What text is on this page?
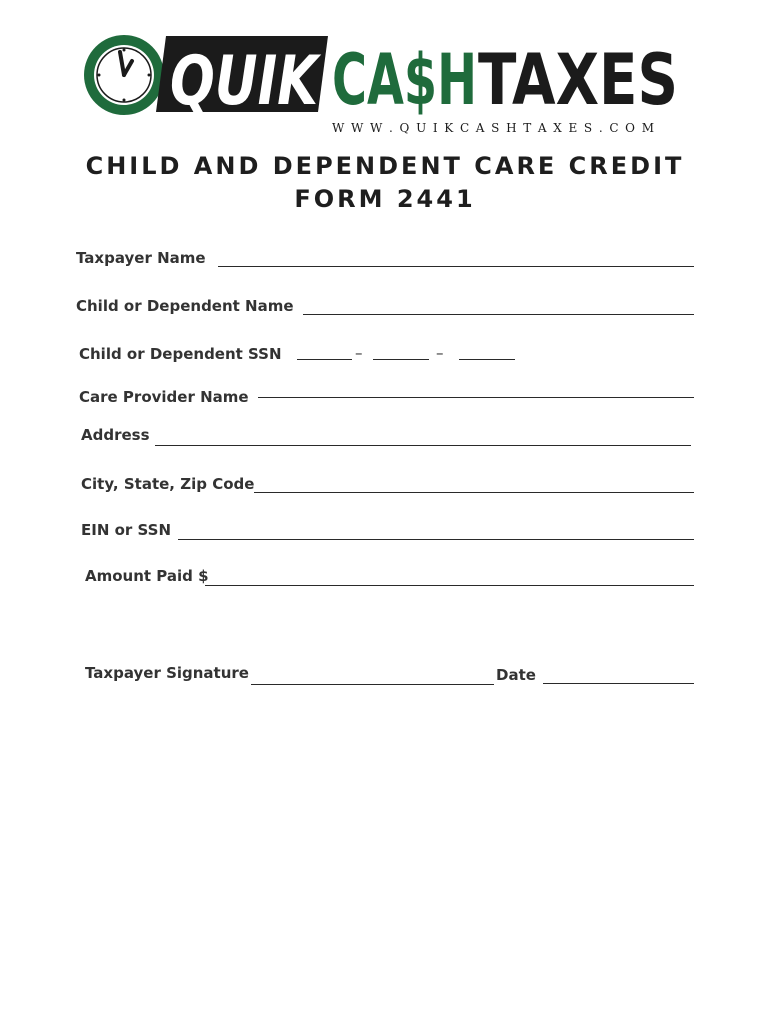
QUIK CA$H TAXES
W W W . Q U I K C A S H T A X E S . C O M
CHILD AND DEPENDENT CARE CREDIT
FORM 2441
Taxpayer Name
Child or Dependent Name
Child or Dependent SSN	–	–
Care Provider Name
Address
City, State, Zip Code
EIN or SSN
Amount Paid $
Taxpayer Signature	Date
